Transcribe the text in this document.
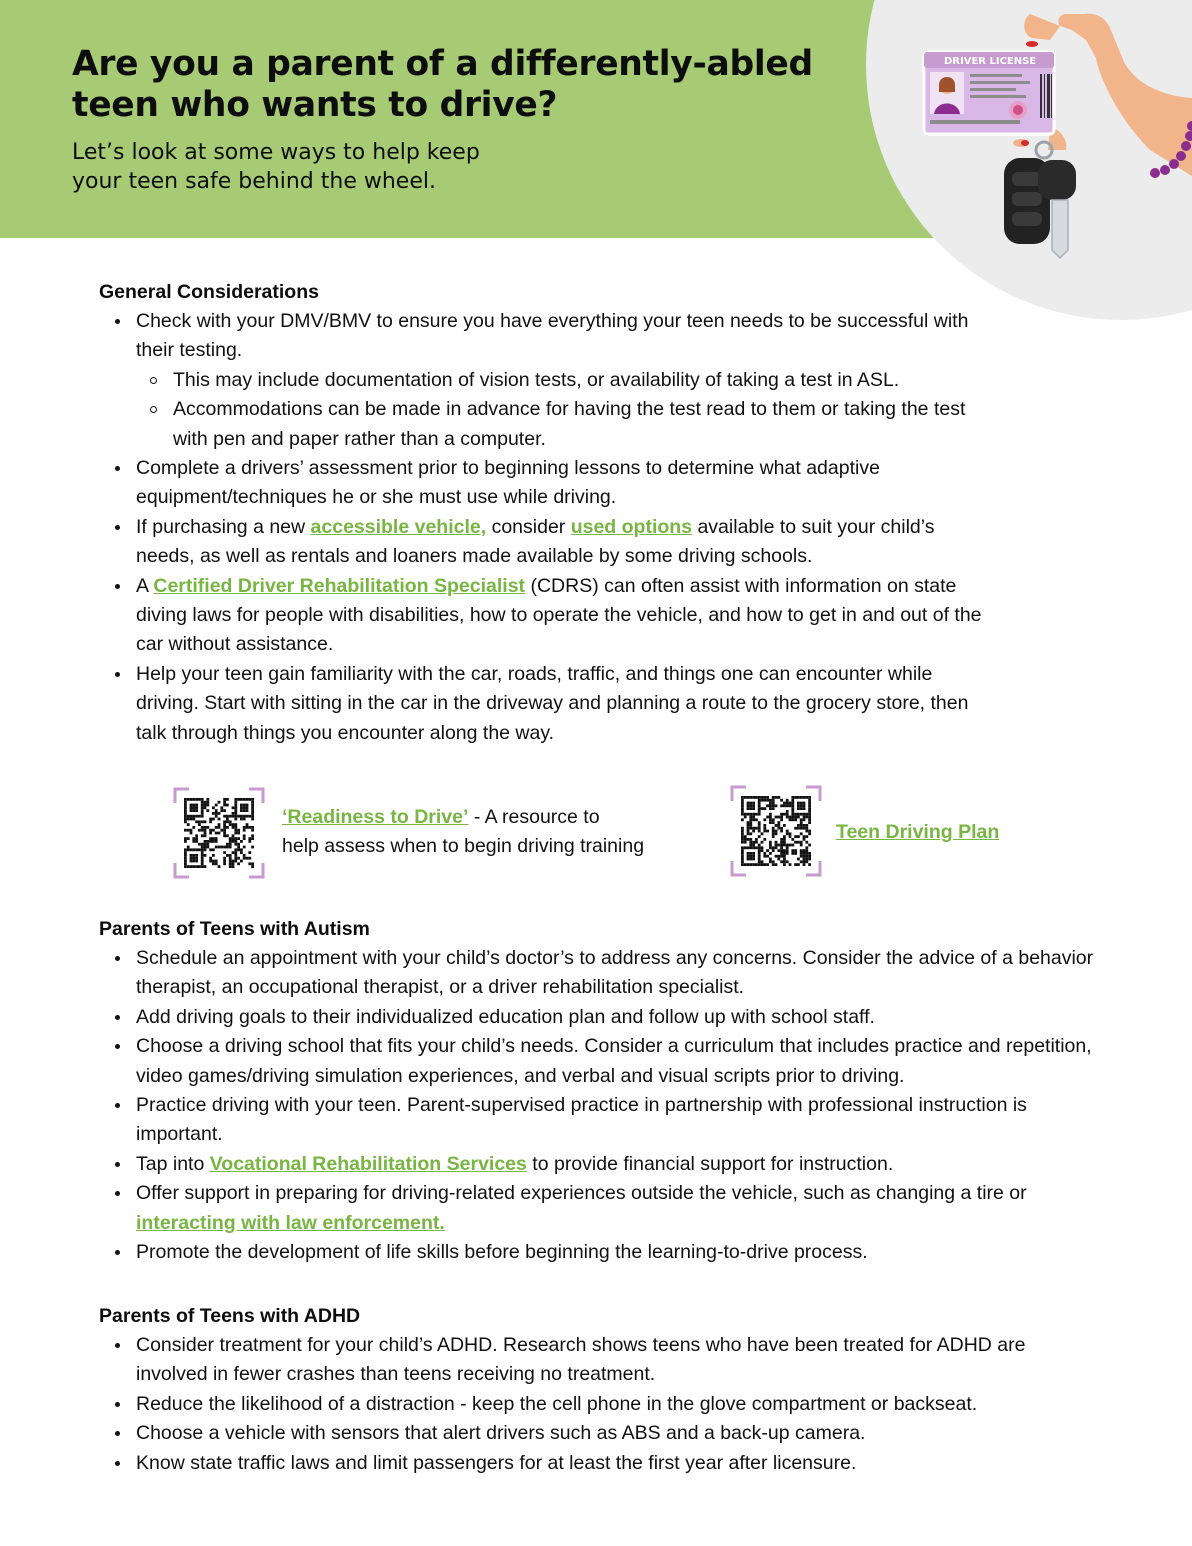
Are you a parent of a differently-abled
teen who wants to drive?

Let’s look at some ways to help keep
your teen safe behind the wheel.

DRIVER LICENSE
General Considerations
Check with your DMV/BMV to ensure you have everything your teen needs to be successful with their testing.
This may include documentation of vision tests, or availability of taking a test in ASL.
Accommodations can be made in advance for having the test read to them or taking the test with pen and paper rather than a computer.
Complete a drivers’ assessment prior to beginning lessons to determine what adaptive equipment/techniques he or she must use while driving.
If purchasing a new accessible vehicle, consider used options available to suit your child’s needs, as well as rentals and loaners made available by some driving schools.
A Certified Driver Rehabilitation Specialist (CDRS) can often assist with information on state diving laws for people with disabilities, how to operate the vehicle, and how to get in and out of the car without assistance.
Help your teen gain familiarity with the car, roads, traffic, and things one can encounter while driving. Start with sitting in the car in the driveway and planning a route to the grocery store, then talk through things you encounter along the way.
‘Readiness to Drive’ - A resource to
help assess when to begin driving training
Teen Driving Plan
Parents of Teens with Autism
Schedule an appointment with your child’s doctor’s to address any concerns. Consider the advice of a behavior therapist, an occupational therapist, or a driver rehabilitation specialist.
Add driving goals to their individualized education plan and follow up with school staff.
Choose a driving school that fits your child’s needs. Consider a curriculum that includes practice and repetition, video games/driving simulation experiences, and verbal and visual scripts prior to driving.
Practice driving with your teen. Parent-supervised practice in partnership with professional instruction is important.
Tap into Vocational Rehabilitation Services to provide financial support for instruction.
Offer support in preparing for driving-related experiences outside the vehicle, such as changing a tire or interacting with law enforcement.
Promote the development of life skills before beginning the learning-to-drive process.
Parents of Teens with ADHD
Consider treatment for your child’s ADHD. Research shows teens who have been treated for ADHD are involved in fewer crashes than teens receiving no treatment.
Reduce the likelihood of a distraction - keep the cell phone in the glove compartment or backseat.
Choose a vehicle with sensors that alert drivers such as ABS and a back-up camera.
Know state traffic laws and limit passengers for at least the first year after licensure.
